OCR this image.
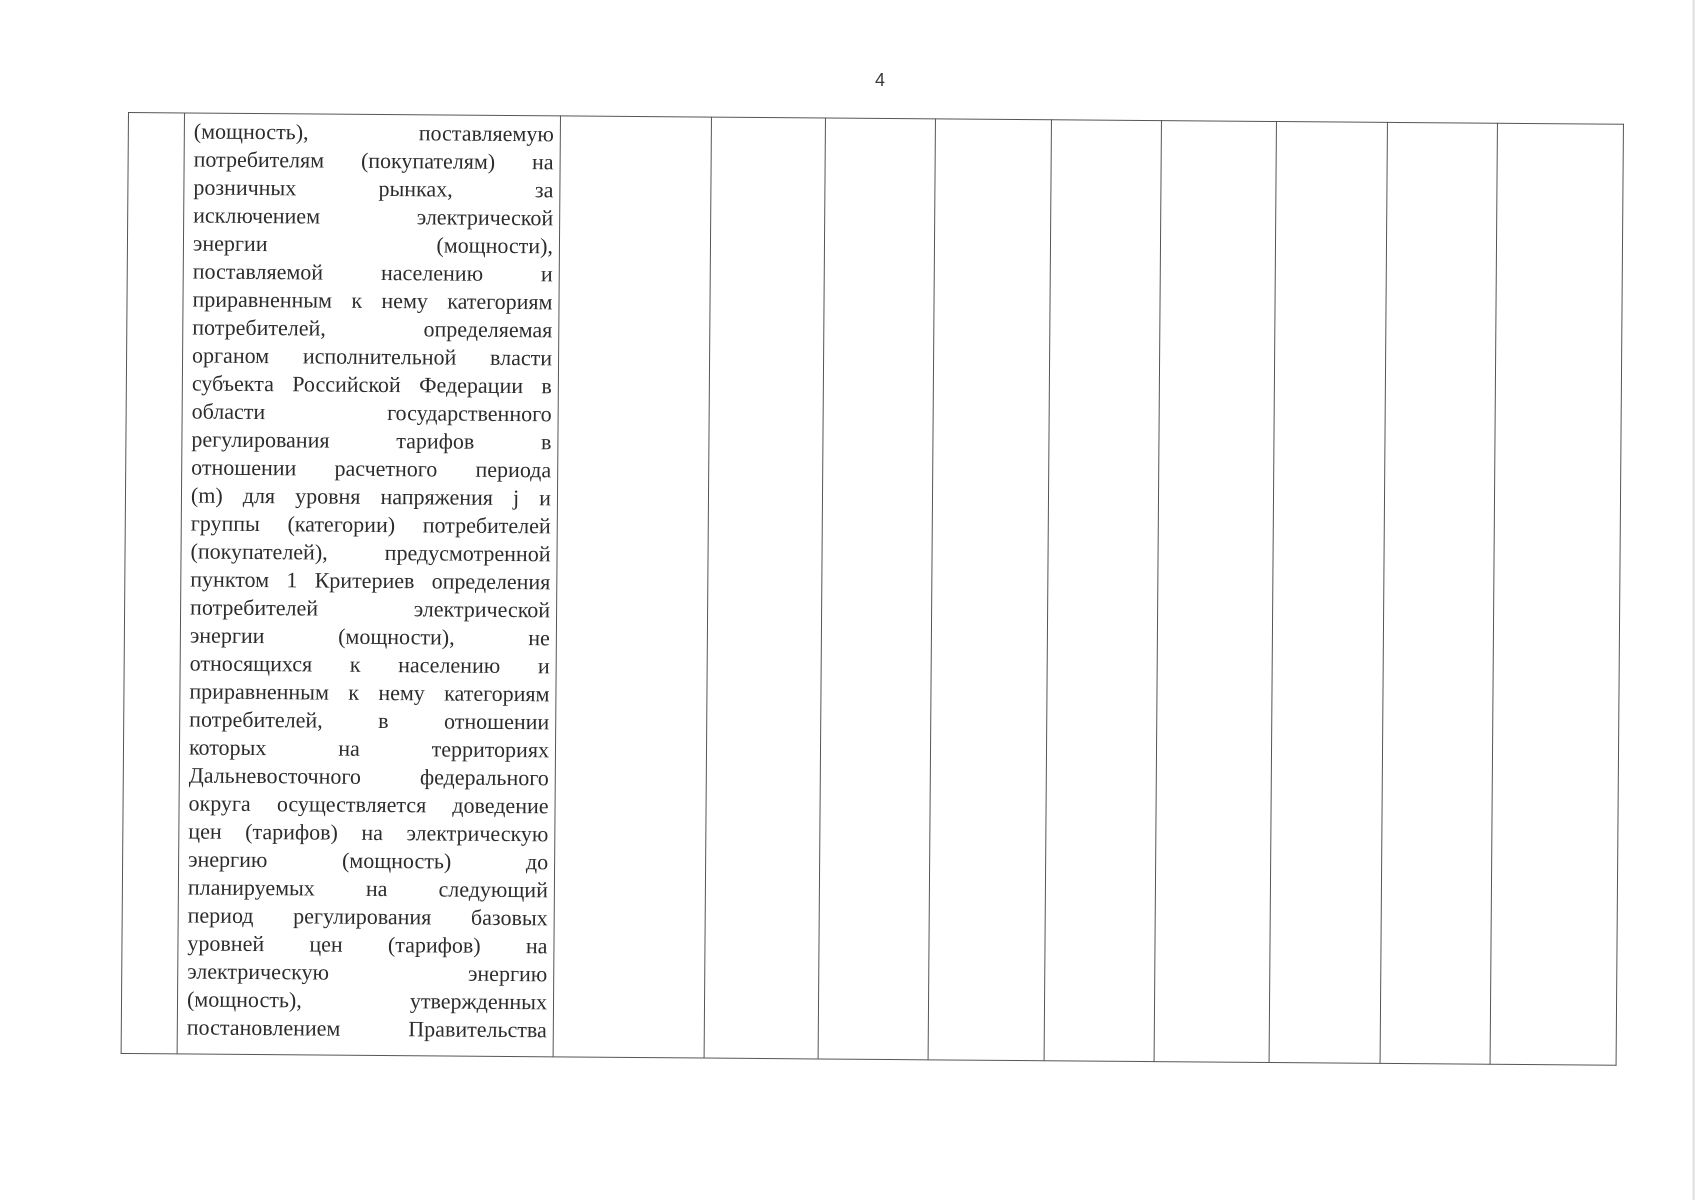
4

(мощность), поставляемую
потребителям (покупателям) на
розничных рынках, за
исключением электрической
энергии (мощности),
поставляемой населению и
приравненным к нему категориям
потребителей, определяемая
органом исполнительной власти
субъекта Российской Федерации в
области государственного
регулирования тарифов в
отношении расчетного периода
(m) для уровня напряжения j и
группы (категории) потребителей
(покупателей), предусмотренной
пунктом 1 Критериев определения
потребителей электрической
энергии (мощности), не
относящихся к населению и
приравненным к нему категориям
потребителей, в отношении
которых на территориях
Дальневосточного федерального
округа осуществляется доведение
цен (тарифов) на электрическую
энергию (мощность) до
планируемых на следующий
период регулирования базовых
уровней цен (тарифов) на
электрическую энергию
(мощность), утвержденных
постановлением Правительства
